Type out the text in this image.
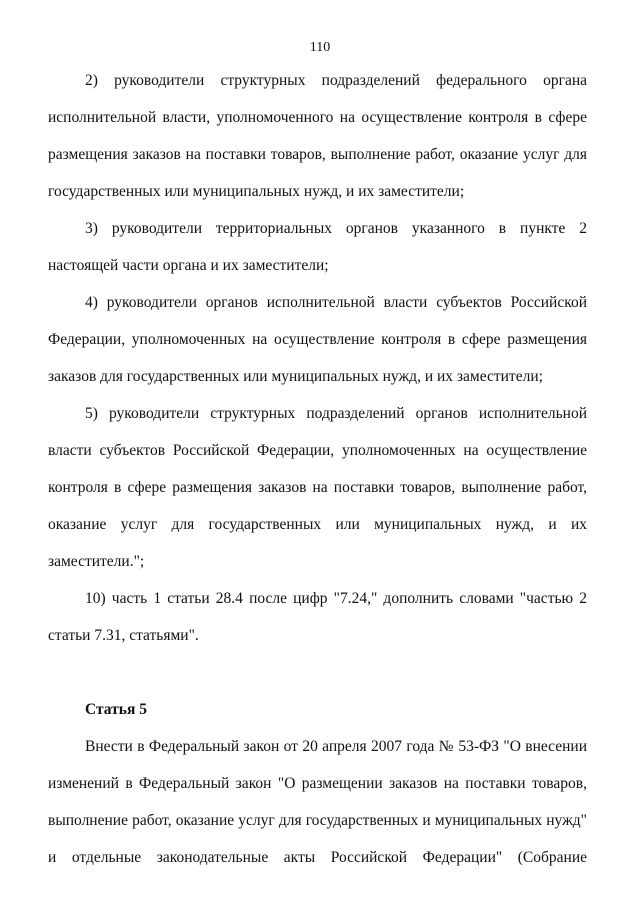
110

2) руководители структурных подразделений федерального органа исполнительной власти, уполномоченного на осуществление контроля в сфере размещения заказов на поставки товаров, выполнение работ, оказание услуг для государственных или муниципальных нужд, и их заместители;

3) руководители территориальных органов указанного в пункте 2 настоящей части органа и их заместители;

4) руководители органов исполнительной власти субъектов Российской Федерации, уполномоченных на осуществление контроля в сфере размещения заказов для государственных или муниципальных нужд, и их заместители;

5) руководители структурных подразделений органов исполнительной власти субъектов Российской Федерации, уполномоченных на осуществление контроля в сфере размещения заказов на поставки товаров, выполнение работ, оказание услуг для государственных или муниципальных нужд, и их заместители.";

10) часть 1 статьи 28.4 после цифр "7.24," дополнить словами "частью 2 статьи 7.31, статьями".

Статья 5

Внести в Федеральный закон от 20 апреля 2007 года № 53-ФЗ "О внесении изменений в Федеральный закон "О размещении заказов на поставки товаров, выполнение работ, оказание услуг для государственных и муниципальных нужд" и отдельные законодательные акты Российской Федерации" (Собрание
